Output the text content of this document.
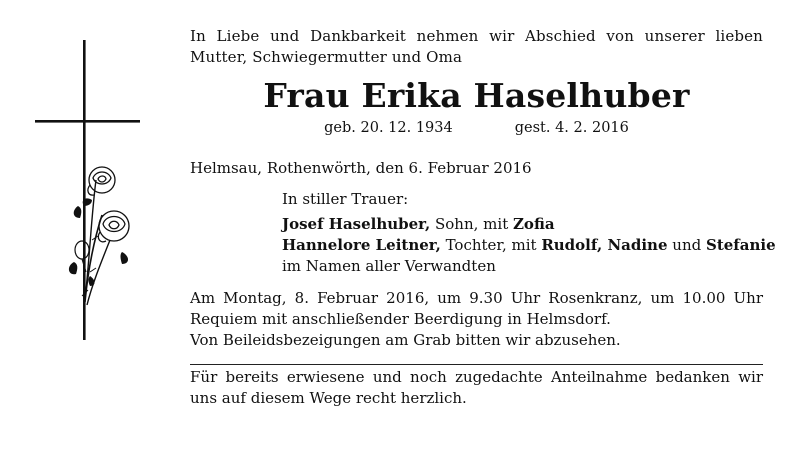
In Liebe und Dankbarkeit nehmen wir Abschied von unserer lieben Mutter, Schwiegermutter und Oma

Frau Erika Haselhuber

geb. 20. 12. 1934	gest. 4. 2. 2016

Helmsau, Rothenwörth, den 6. Februar 2016

In stiller Trauer:

Josef Haselhuber, Sohn, mit Zofia

Hannelore Leitner, Tochter, mit Rudolf, Nadine und Stefanie

im Namen aller Verwandten

Am Montag, 8. Februar 2016, um 9.30 Uhr Rosenkranz, um 10.00 Uhr Requiem mit anschließender Beerdigung in Helmsdorf.

Von Beileidsbezeigungen am Grab bitten wir abzusehen.

Für bereits erwiesene und noch zugedachte Anteilnahme bedanken wir uns auf diesem Wege recht herzlich.
